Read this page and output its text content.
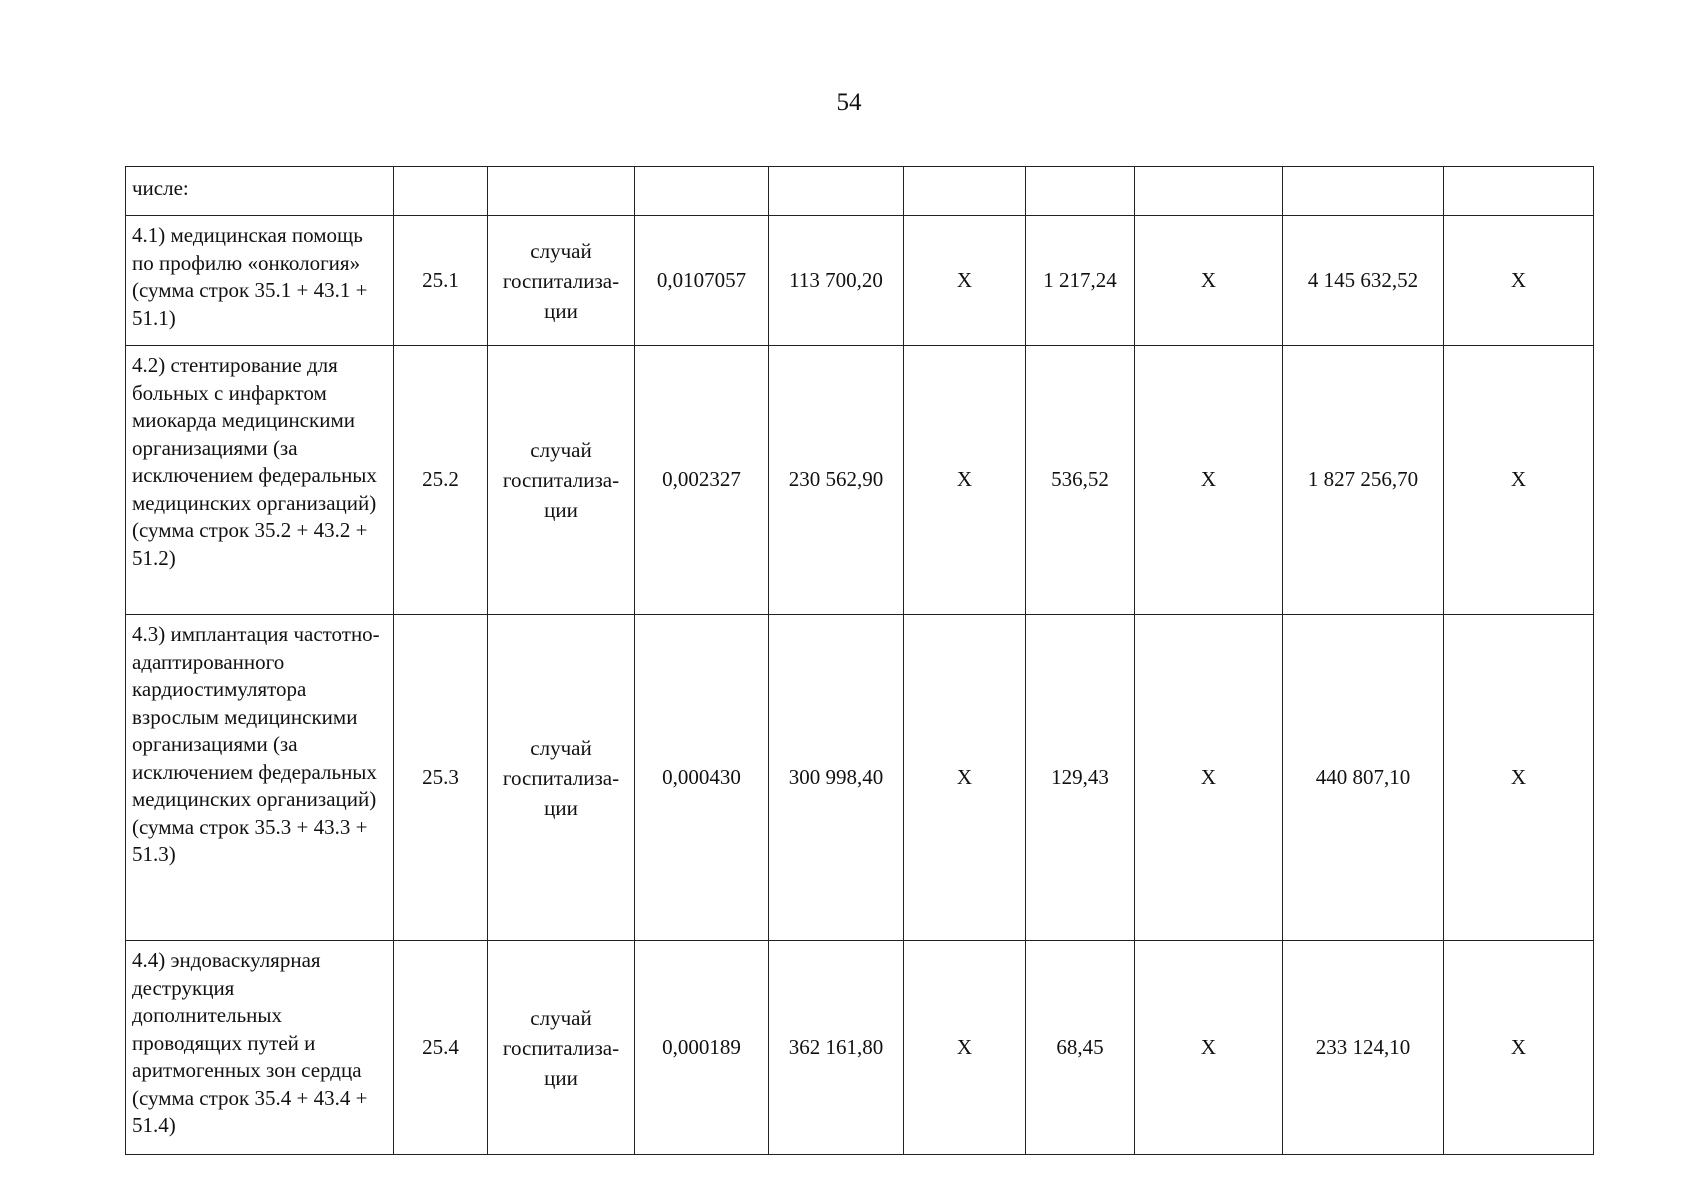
54
числе:									
4.1) медицинская помощь по профилю «онкология» (сумма строк 35.1 + 43.1 + 51.1)	25.1	случай госпитализа-ции	0,0107057	113 700,20	X	1 217,24	X	4 145 632,52	X
4.2) стентирование для больных с инфарктом миокарда медицинскими организациями (за исключением федеральных медицинских организаций) (сумма строк 35.2 + 43.2 + 51.2)	25.2	случай госпитализа-ции	0,002327	230 562,90	X	536,52	X	1 827 256,70	X
4.3) имплантация частотно-адаптированного кардиостимулятора взрослым медицинскими организациями (за исключением федеральных медицинских организаций) (сумма строк 35.3 + 43.3 + 51.3)	25.3	случай госпитализа-ции	0,000430	300 998,40	X	129,43	X	440 807,10	X
4.4) эндоваскулярная деструкция дополнительных проводящих путей и аритмогенных зон сердца (сумма строк 35.4 + 43.4 + 51.4)	25.4	случай госпитализа-ции	0,000189	362 161,80	X	68,45	X	233 124,10	X
